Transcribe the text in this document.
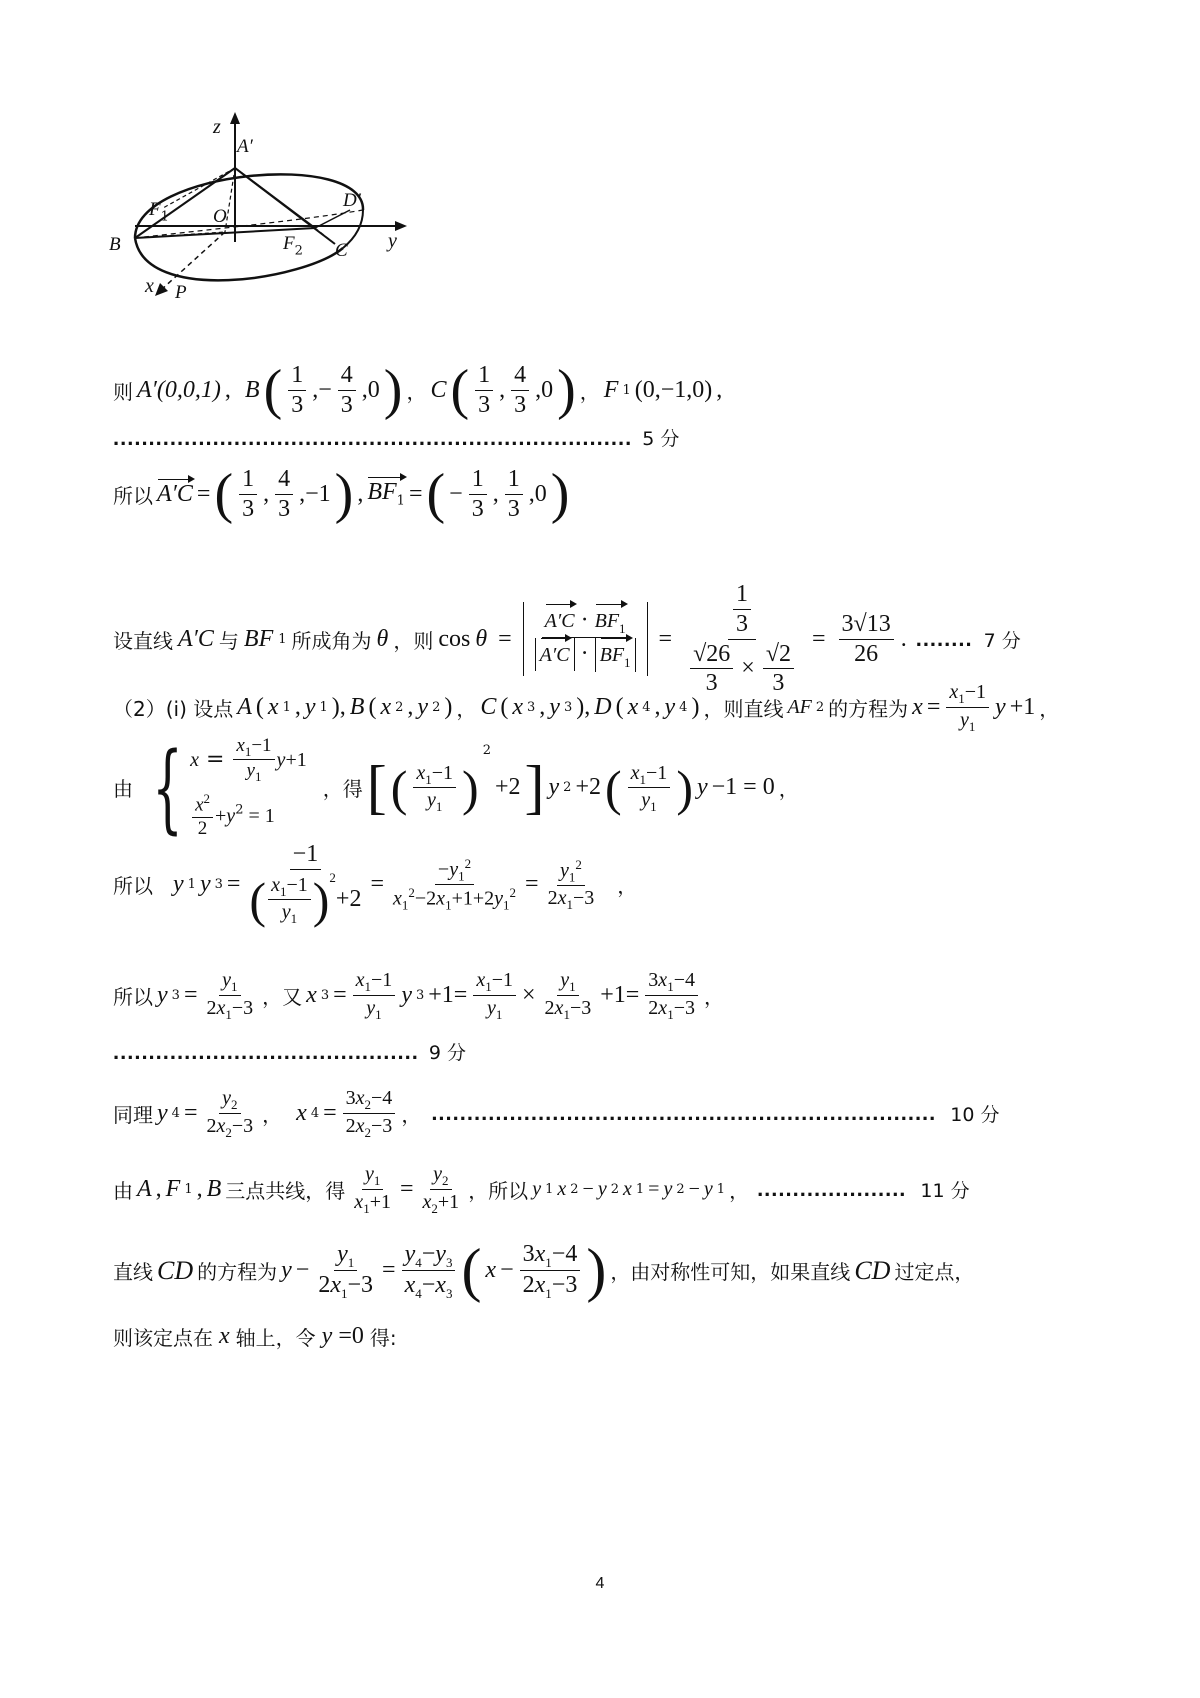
z
y
x P
A′
D′
O
$F_1$
$F_2$
B	C
则 A′(0,0,1) , B ( $\frac{1}{3}$ ,− $\frac{4}{3} ,0$ ) ， C ( $\frac{1}{3}$ , $\frac{4}{3} ,0$ ) ， F 1 (0,−1,0) ,
......................................................................... 5 分
所以 A′C = ( $\frac{1}{3}$ , $\frac{4}{3} ,-1$ ) , $BF_1$ = ( − $\frac{1}{3}$ , $\frac{1}{3} ,0$ )
设直线 A′C 与 BF 1 所成角为 θ ，则 $\cos \theta = \frac{A'C \cdot BF_1}{A'C \cdot BF_1} = \frac{\frac{1}{3}}{\frac{√26}{3} \times \frac{√2}{3}} = \frac{3√13}{26}$ . ........ 7 分
（2）(i) 设点 A ( x 1 , y 1 ), B ( x 2 , y 2 ) ， C ( x 3 , y 3 ), D ( x 4 , y 4 ) ，则直线 AF 2 的方程为 $x = \frac{x_1-1}{y_1}$ y +1 ，
由 { $x = \frac{x_1-1}{y_1} y+1$
$\frac{x^2}{2} +y^2 = 1$
，得 [ ( $\frac{x_1-1}{y_1}$ )
2
+2 ] y 2 +2 ( $\frac{x_1-1}{y_1}$ ) y −1 = 0 ，
所以 y 1 y 3 = −1
( $\frac{x_1-1}{y_1} )^2$
$+2 = \frac{-y_1^2}{x_1^2-2x_1+1+2y_1^2} = \frac{y_1^2}{2x_1-3}$ ，
所以 y $3 = \frac{y_1}{2x_1-3}$ ，又 x $3 = \frac{x_1-1}{y_1}$ y $3 +1= \frac{x_1-1}{y_1} \times \frac{y_1}{2x_1-3} +1= \frac{3x_1-4}{2x_1-3}$ ，
........................................... 9 分
同理 y $4 = \frac{y_2}{2x_2-3}$ ， x $4 = \frac{3x_2-4}{2x_2-3}$ ， ....................................................................... 10 分
由 A , F 1 , B 三点共线，得 $\frac{y_1}{x_1+1} = \frac{y_2}{x_2+1}$ ，所以 y 1 x 2 − y 2 x 1 = y 2 − y 1 ， ..................... 11 分
直线 CD 的方程为 $y - \frac{y_1}{2x_1-3} = \frac{y_4-y_3}{x_4-x_3}$ ( $x - \frac{3x_1-4}{2x_1-3}$ ) ，由对称性可知，如果直线 CD 过定点，
则该定点在 x 轴上，令 y =0 得:
4
